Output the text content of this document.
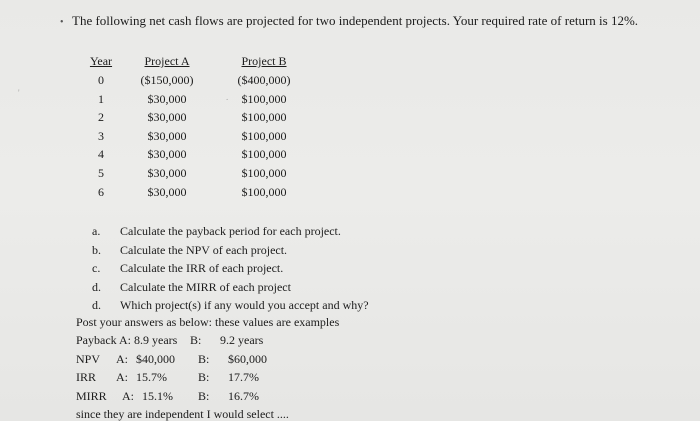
• The following net cash flows are projected for two independent projects. Your required rate of return is 12%.
'	.
Year
0
1
2
3
4
5
6
Project A
($150,000)
$30,000
$30,000
$30,000
$30,000
$30,000
$30,000
Project B
($400,000)
$100,000
$100,000
$100,000
$100,000
$100,000
$100,000
a. Calculate the payback period for each project.
b. Calculate the NPV of each project.
c. Calculate the IRR of each project.
d. Calculate the MIRR of each project
d. Which project(s) if any would you accept and why?
Post your answers as below: these values are examples
Payback A: 8.9 years B: 9.2 years
NPV A: $40,000 B: $60,000
IRR A: 15.7%	B: 17.7%
MIRR A: 15.1% B: 16.7%
since they are independent I would select ....
